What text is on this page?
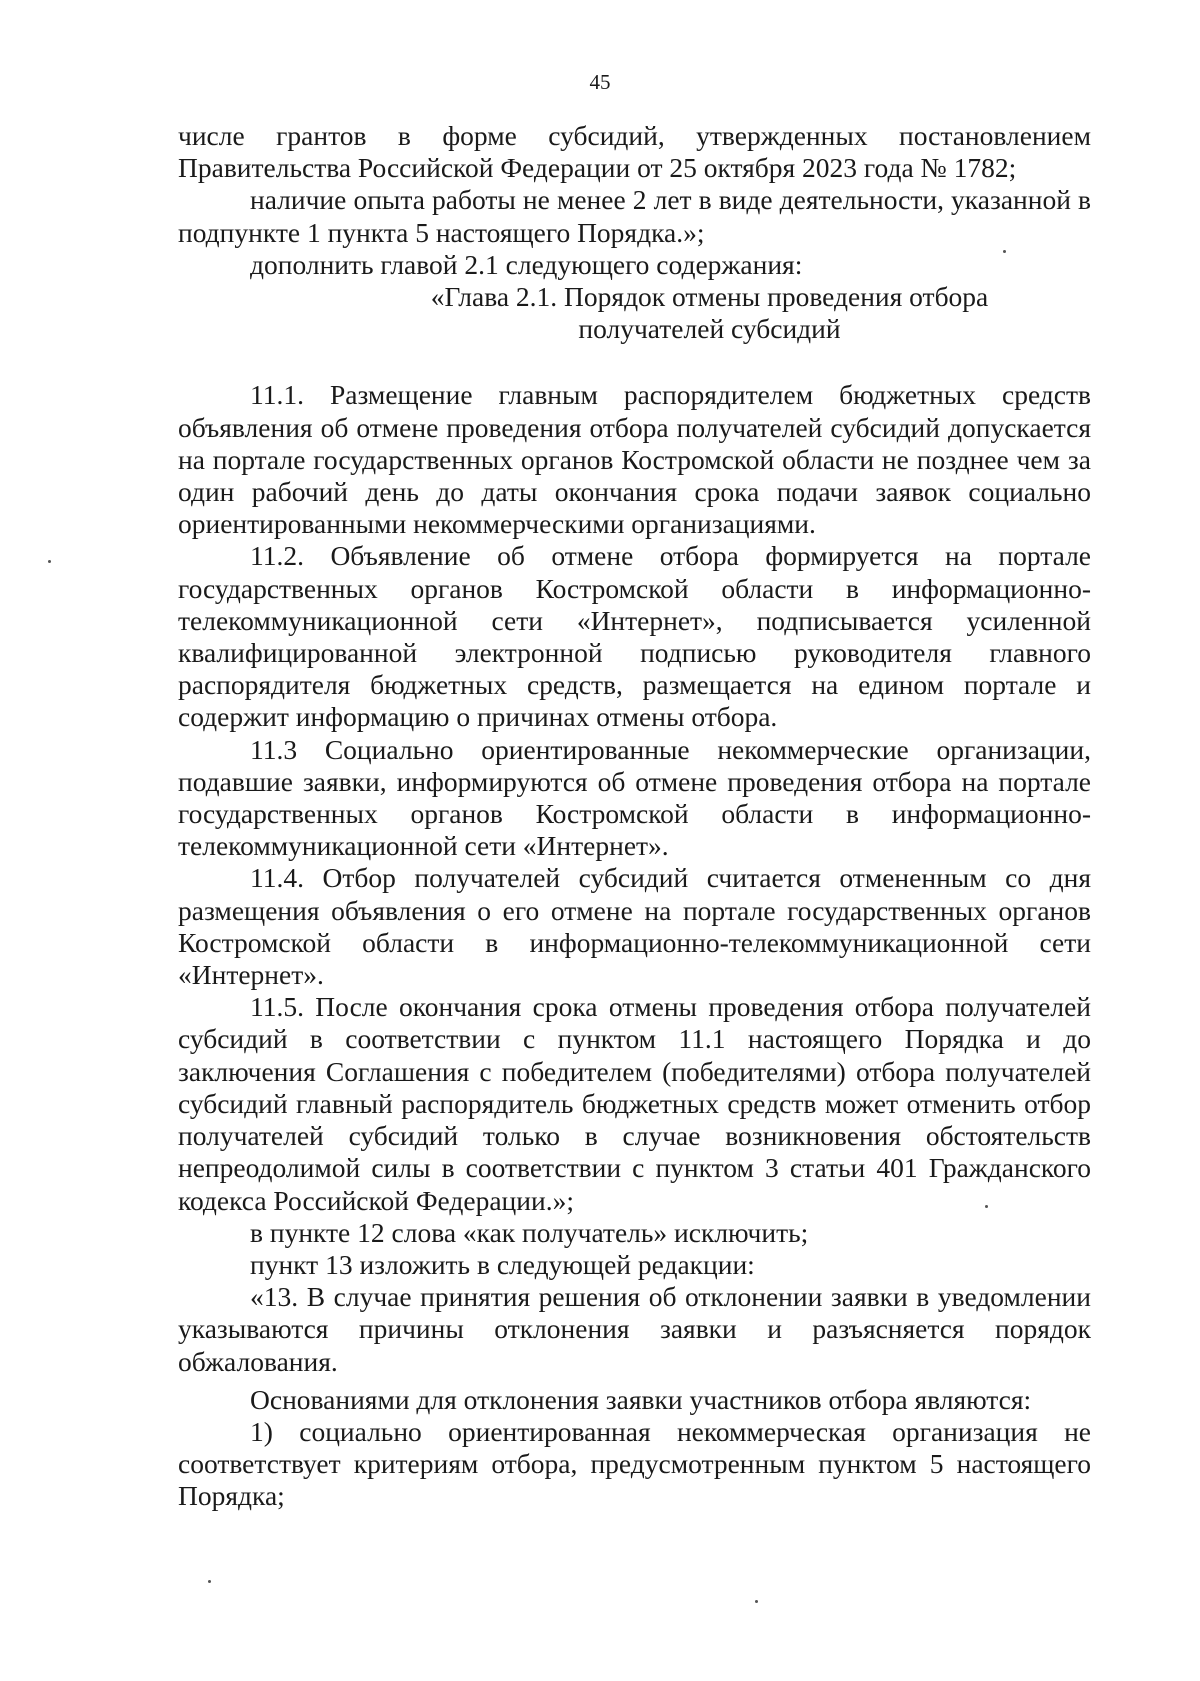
45

числе грантов в форме субсидий, утвержденных постановлением Правительства Российской Федерации от 25 октября 2023 года № 1782;

наличие опыта работы не менее 2 лет в виде деятельности, указанной в подпункте 1 пункта 5 настоящего Порядка.»;

дополнить главой 2.1 следующего содержания:

«Глава 2.1. Порядок отмены проведения отбора
получателей субсидий

11.1. Размещение главным распорядителем бюджетных средств объявления об отмене проведения отбора получателей субсидий допускается на портале государственных органов Костромской области не позднее чем за один рабочий день до даты окончания срока подачи заявок социально ориентированными некоммерческими организациями.

11.2. Объявление об отмене отбора формируется на портале государственных органов Костромской области в информационно-телекоммуникационной сети «Интернет», подписывается усиленной квалифицированной электронной подписью руководителя главного распорядителя бюджетных средств, размещается на едином портале и содержит информацию о причинах отмены отбора.

11.3 Социально ориентированные некоммерческие организации, подавшие заявки, информируются об отмене проведения отбора на портале государственных органов Костромской области в информационно-телекоммуникационной сети «Интернет».

11.4. Отбор получателей субсидий считается отмененным со дня размещения объявления о его отмене на портале государственных органов Костромской области в информационно-телекоммуникационной сети «Интернет».

11.5. После окончания срока отмены проведения отбора получателей субсидий в соответствии с пунктом 11.1 настоящего Порядка и до заключения Соглашения с победителем (победителями) отбора получателей субсидий главный распорядитель бюджетных средств может отменить отбор получателей субсидий только в случае возникновения обстоятельств непреодолимой силы в соответствии с пунктом 3 статьи 401 Гражданского кодекса Российской Федерации.»;

в пункте 12 слова «как получатель» исключить;

пункт 13 изложить в следующей редакции:

«13. В случае принятия решения об отклонении заявки в уведомлении указываются причины отклонения заявки и разъясняется порядок обжалования.

Основаниями для отклонения заявки участников отбора являются:

1) социально ориентированная некоммерческая организация не соответствует критериям отбора, предусмотренным пунктом 5 настоящего Порядка;
